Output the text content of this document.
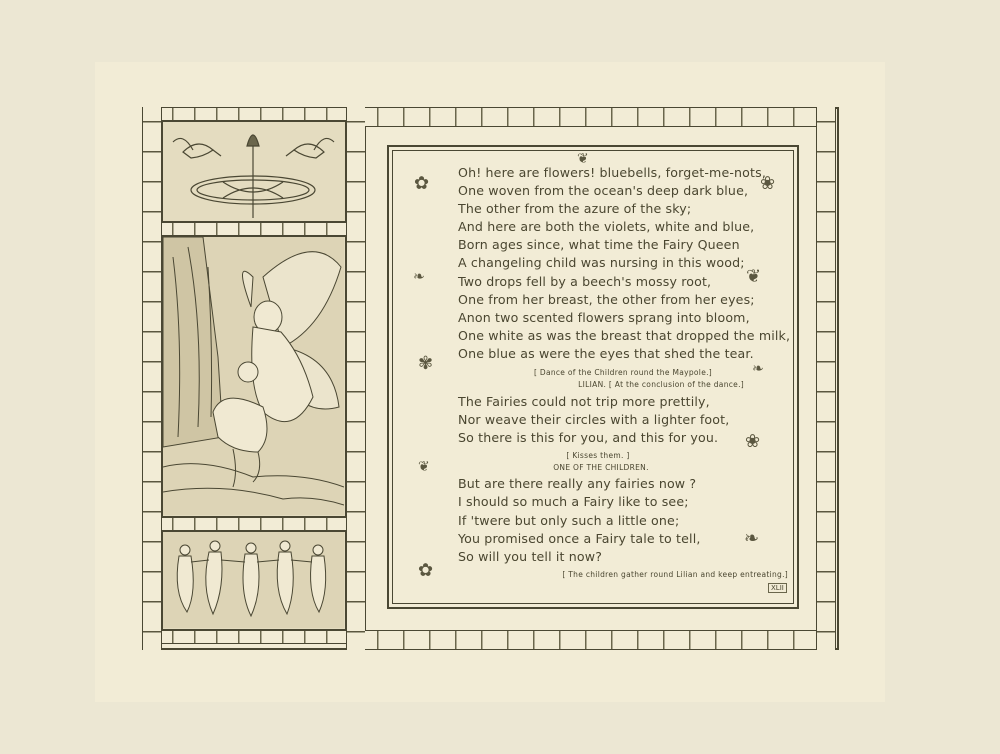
❦
✿	❀
❧	❦
✾	❧
❀
❦
❧
✿
Oh! here are flowers! bluebells, forget-me-nots,
One woven from the ocean's deep dark blue,
The other from the azure of the sky;
And here are both the violets, white and blue,
Born ages since, what time the Fairy Queen
A changeling child was nursing in this wood;
Two drops fell by a beech's mossy root,
One from her breast, the other from her eyes;
Anon two scented flowers sprang into bloom,
One white as was the breast that dropped the milk,
One blue as were the eyes that shed the tear.
[ Dance of the Children round the Maypole.]
LILIAN. [ At the conclusion of the dance.]
The Fairies could not trip more prettily,
Nor weave their circles with a lighter foot,
So there is this for you, and this for you.
[ Kisses them. ]
ONE OF THE CHILDREN.
But are there really any fairies now ?
I should so much a Fairy like to see;
If 'twere but only such a little one;
You promised once a Fairy tale to tell,
So will you tell it now?
[ The children gather round Lilian and keep entreating.]
XLII
